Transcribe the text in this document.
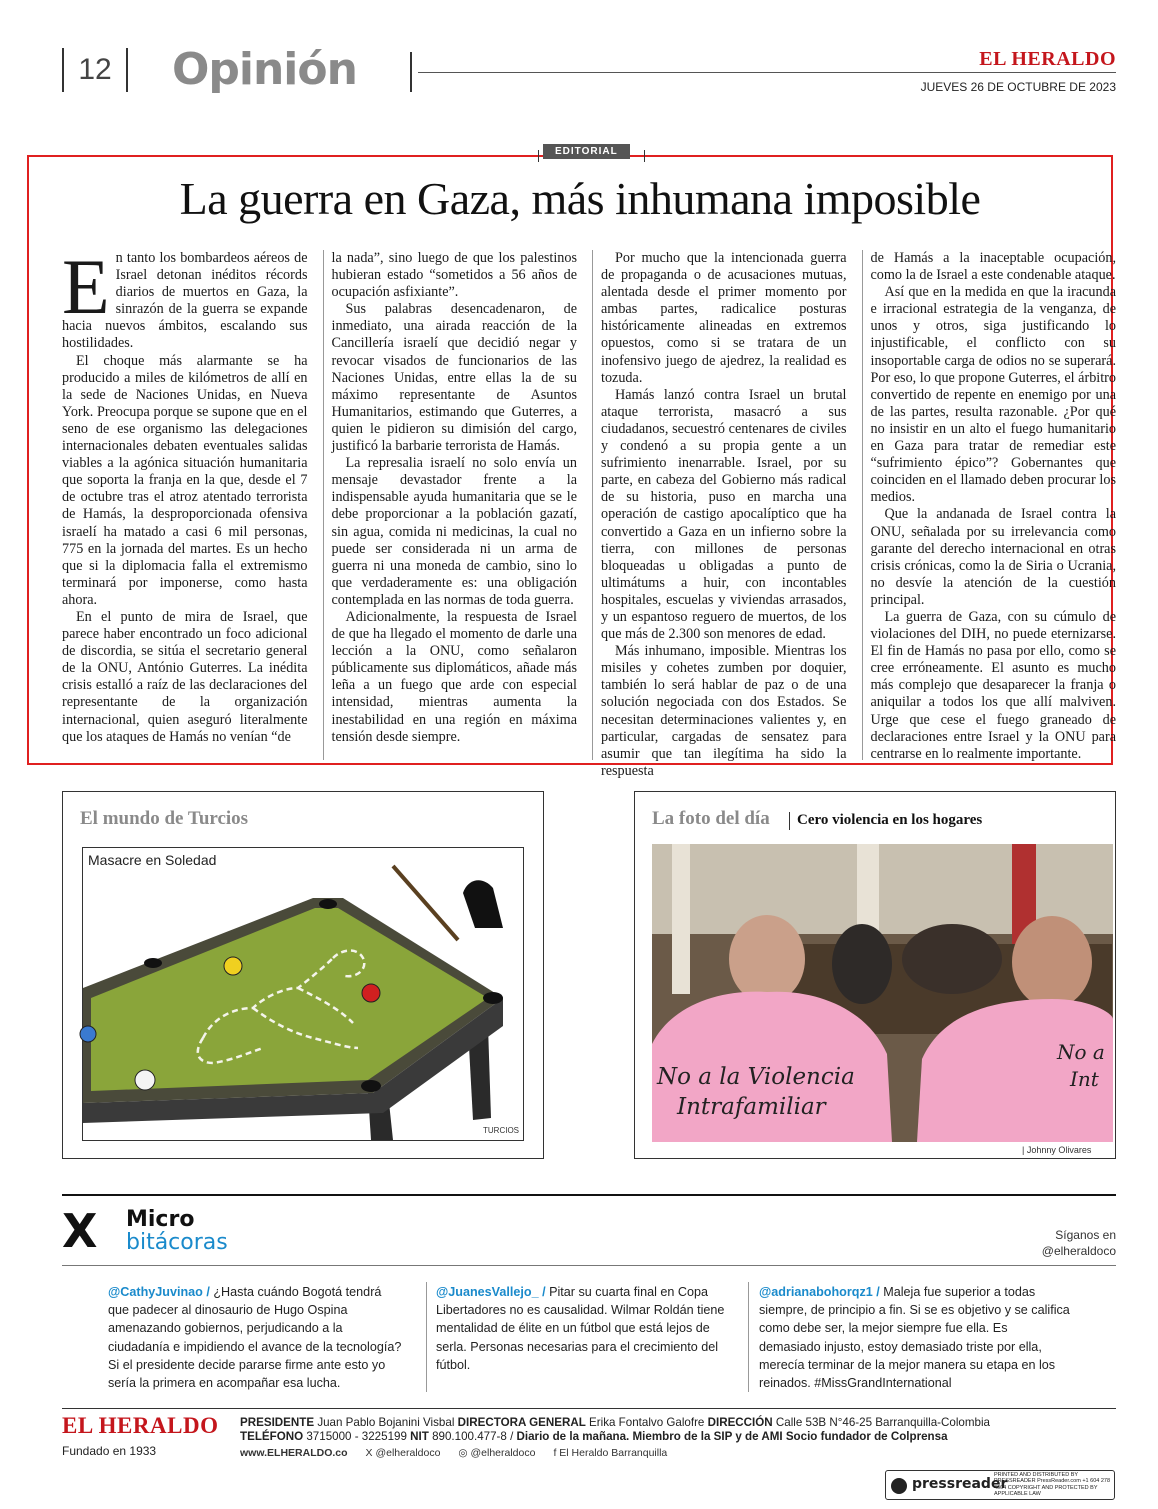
12	Opinión	EL HERALDO
JUEVES 26 DE OCTUBRE DE 2023
EDITORIAL
La guerra en Gaza, más inhumana imposible

En tanto los bombardeos aéreos de Israel detonan inéditos récords diarios de muertos en Gaza, la sinrazón de la guerra se expande hacia nuevos ámbitos, escalando sus hostilidades.

El choque más alarmante se ha producido a miles de kilómetros de allí en la sede de Naciones Unidas, en Nueva York. Preocupa porque se supone que en el seno de ese organismo las delegaciones internacionales debaten eventuales salidas viables a la agónica situación humanitaria que soporta la franja en la que, desde el 7 de octubre tras el atroz atentado terrorista de Hamás, la desproporcionada ofensiva israelí ha matado a casi 6 mil personas, 775 en la jornada del martes. Es un hecho que si la diplomacia falla el extremismo terminará por imponerse, como hasta ahora.

En el punto de mira de Israel, que parece haber encontrado un foco adicional de discordia, se sitúa el secretario general de la ONU, António Guterres. La inédita crisis estalló a raíz de las declaraciones del representante de la organización internacional, quien aseguró literalmente que los ataques de Hamás no venían “de

la nada”, sino luego de que los palestinos hubieran estado “sometidos a 56 años de ocupación asfixiante”.

Sus palabras desencadenaron, de inmediato, una airada reacción de la Cancillería israelí que decidió negar y revocar visados de funcionarios de las Naciones Unidas, entre ellas la de su máximo representante de Asuntos Humanitarios, estimando que Guterres, a quien le pidieron su dimisión del cargo, justificó la barbarie terrorista de Hamás.

La represalia israelí no solo envía un mensaje devastador frente a la indispensable ayuda humanitaria que se le debe proporcionar a la población gazatí, sin agua, comida ni medicinas, la cual no puede ser considerada ni un arma de guerra ni una moneda de cambio, sino lo que verdaderamente es: una obligación contemplada en las normas de toda guerra.

Adicionalmente, la respuesta de Israel de que ha llegado el momento de darle una lección a la ONU, como señalaron públicamente sus diplomáticos, añade más leña a un fuego que arde con especial intensidad, mientras aumenta la inestabilidad en una región en máxima tensión desde siempre.

Por mucho que la intencionada guerra de propaganda o de acusaciones mutuas, alentada desde el primer momento por ambas partes, radicalice posturas históricamente alineadas en extremos opuestos, como si se tratara de un inofensivo juego de ajedrez, la realidad es tozuda.

Hamás lanzó contra Israel un brutal ataque terrorista, masacró a sus ciudadanos, secuestró centenares de civiles y condenó a su propia gente a un sufrimiento inenarrable. Israel, por su parte, en cabeza del Gobierno más radical de su historia, puso en marcha una operación de castigo apocalíptico que ha convertido a Gaza en un infierno sobre la tierra, con millones de personas bloqueadas u obligadas a punto de ultimátums a huir, con incontables hospitales, escuelas y viviendas arrasados, y un espantoso reguero de muertos, de los que más de 2.300 son menores de edad.

Más inhumano, imposible. Mientras los misiles y cohetes zumben por doquier, también lo será hablar de paz o de una solución negociada con dos Estados. Se necesitan determinaciones valientes y, en particular, cargadas de sensatez para asumir que tan ilegítima ha sido la respuesta

de Hamás a la inaceptable ocupación, como la de Israel a este condenable ataque.

Así que en la medida en que la iracunda e irracional estrategia de la venganza, de unos y otros, siga justificando lo injustificable, el conflicto con su insoportable carga de odios no se superará. Por eso, lo que propone Guterres, el árbitro convertido de repente en enemigo por una de las partes, resulta razonable. ¿Por qué no insistir en un alto el fuego humanitario en Gaza para tratar de remediar este “sufrimiento épico”? Gobernantes que coinciden en el llamado deben procurar los medios.

Que la andanada de Israel contra la ONU, señalada por su irrelevancia como garante del derecho internacional en otras crisis crónicas, como la de Siria o Ucrania, no desvíe la atención de la cuestión principal.

La guerra de Gaza, con su cúmulo de violaciones del DIH, no puede eternizarse. El fin de Hamás no pasa por ello, como se cree erróneamente. El asunto es mucho más complejo que desaparecer la franja o aniquilar a todos los que allí malviven. Urge que cese el fuego graneado de declaraciones entre Israel y la ONU para centrarse en lo realmente importante.

El mundo de Turcios
Masacre en Soledad
TURCIOS
La foto del día Cero violencia en los hogares
No a la Violencia
Intrafamiliar
No a
Int
| Johnny Olivares
X Micro
bitácoras	Síganos en
@elheraldoco
@CathyJuvinao / ¿Hasta cuándo Bogotá tendrá que padecer al dinosaurio de Hugo Ospina amenazando gobiernos, perjudicando a la ciudadanía e impidiendo el avance de la tecnología? Si el presidente decide pararse firme ante esto yo sería la primera en acompañar esa lucha.
@JuanesVallejo_ / Pitar su cuarta final en Copa Libertadores no es causalidad. Wilmar Roldán tiene mentalidad de élite en un fútbol que está lejos de serla. Personas necesarias para el crecimiento del fútbol.
@adrianabohorqz1 / Maleja fue superior a todas siempre, de principio a fin. Si se es objetivo y se califica como debe ser, la mejor siempre fue ella. Es demasiado injusto, estoy demasiado triste por ella, merecía terminar de la mejor manera su etapa en los reinados. #MissGrandInternational
EL HERALDO
Fundado en 1933
PRESIDENTE Juan Pablo Bojanini Visbal DIRECTORA GENERAL Erika Fontalvo Galofre DIRECCIÓN Calle 53B N°46-25 Barranquilla-Colombia
TELÉFONO 3715000 - 3225199 NIT 890.100.477-8 / Diario de la mañana. Miembro de la SIP y de AMI Socio fundador de Colprensa
www.ELHERALDO.co X @elheraldoco ◎ @elheraldoco f El Heraldo Barranquilla
pressreader
PRINTED AND DISTRIBUTED BY PRESSREADER PressReader.com +1 604 278 4604 COPYRIGHT AND PROTECTED BY APPLICABLE LAW
